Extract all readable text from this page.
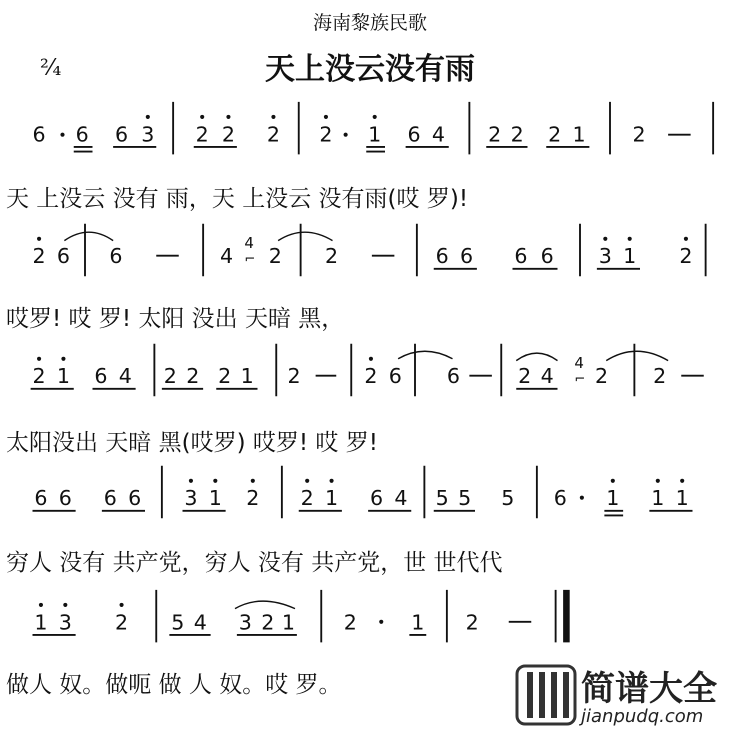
海南黎族民歌
天上没云没有雨
²⁄₄
6 6 6 3 2 2 2 2 1 6 4 2 2 2 1 2
天 上没云 没有 雨，天 上没云 没有雨(哎 罗)!
2 6 6	4
4
⌐ 2 2	6 6 6 6 3 1 2
哎罗! 哎 罗! 太阳 没出 天暗 黑，
2 1 6 4 2 2 2 1 2	2 6 6	2 4
4
⌐ 2 2
太阳没出 天暗 黑(哎罗) 哎罗! 哎 罗!
6 6 6 6 3 1 2 2 1 6 4 5 5 5 6 1 1 1
穷人 没有 共产党，穷人 没有 共产党，世 世代代
1 3 2 5 4 3 2 1 2 1 2
做人 奴。做呃 做 人 奴。哎 罗。	简谱大全
jianpudq.com
